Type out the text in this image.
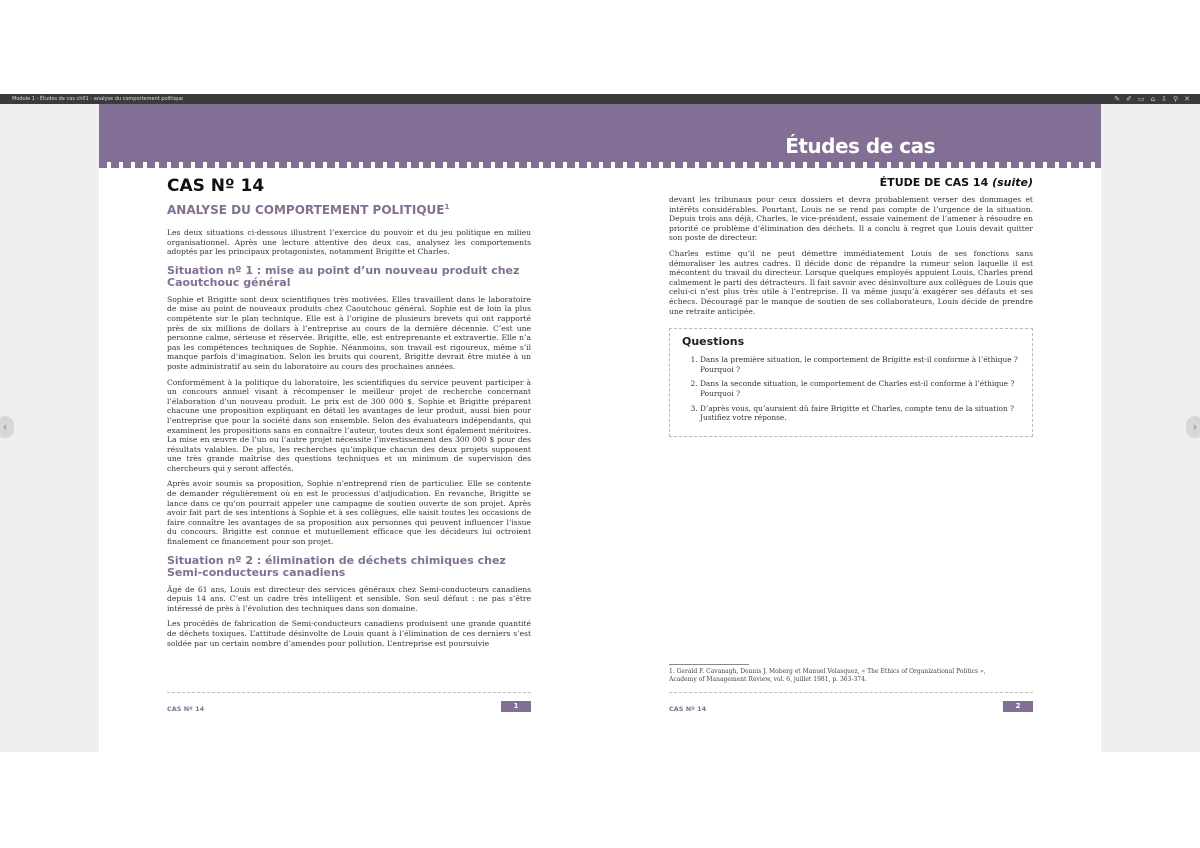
Module 1 - Études de cas ch01 - analyse du comportement politique	✎ ✐ ▭ ⌂ ⇩ ⚲ ✕
‹	›
Études de cas
CAS Nº 14
ANALYSE DU COMPORTEMENT POLITIQUE$^1$

Les deux situations ci-dessous illustrent l’exercice du pouvoir et du jeu politique en milieu organisationnel. Après une lecture attentive des deux cas, analysez les comportements adoptés par les principaux protagonistes, notamment Brigitte et Charles.

Situation nº 1 : mise au point d’un nouveau produit chez Caoutchouc général

Sophie et Brigitte sont deux scientifiques très motivées. Elles travaillent dans le laboratoire de mise au point de nouveaux produits chez Caoutchouc général. Sophie est de loin la plus compétente sur le plan technique. Elle est à l’origine de plusieurs brevets qui ont rapporté près de six millions de dollars à l’entreprise au cours de la dernière décennie. C’est une personne calme, sérieuse et réservée. Brigitte, elle, est entreprenante et extravertie. Elle n’a pas les compétences techniques de Sophie. Néanmoins, son travail est rigoureux, même s’il manque parfois d’imagination. Selon les bruits qui courent, Brigitte devrait être mutée à un poste administratif au sein du laboratoire au cours des prochaines années.

Conformément à la politique du laboratoire, les scientifiques du service peuvent participer à un concours annuel visant à récompenser le meilleur projet de recherche concernant l’élaboration d’un nouveau produit. Le prix est de 300 000 $. Sophie et Brigitte préparent chacune une proposition expliquant en détail les avantages de leur produit, aussi bien pour l’entreprise que pour la société dans son ensemble. Selon des évaluateurs indépendants, qui examinent les propositions sans en connaître l’auteur, toutes deux sont également méritoires. La mise en œuvre de l’un ou l’autre projet nécessite l’investissement des 300 000 $ pour des résultats valables. De plus, les recherches qu’implique chacun des deux projets supposent une très grande maîtrise des questions techniques et un minimum de supervision des chercheurs qui y seront affectés.

Après avoir soumis sa proposition, Sophie n’entreprend rien de particulier. Elle se contente de demander régulièrement où en est le processus d’adjudication. En revanche, Brigitte se lance dans ce qu’on pourrait appeler une campagne de soutien ouverte de son projet. Après avoir fait part de ses intentions à Sophie et à ses collègues, elle saisit toutes les occasions de faire connaître les avantages de sa proposition aux personnes qui peuvent influencer l’issue du concours. Brigitte est connue et mutuellement efficace que les décideurs lui octroient finalement ce financement pour son projet.

Situation nº 2 : élimination de déchets chimiques chez Semi-conducteurs canadiens

Âgé de 61 ans, Louis est directeur des services généraux chez Semi-conducteurs canadiens depuis 14 ans. C’est un cadre très intelligent et sensible. Son seul défaut : ne pas s’être intéressé de près à l’évolution des techniques dans son domaine.

Les procédés de fabrication de Semi-conducteurs canadiens produisent une grande quantité de déchets toxiques. L’attitude désinvolte de Louis quant à l’élimination de ces derniers s’est soldée par un certain nombre d’amendes pour pollution. L’entreprise est poursuivie

ÉTUDE DE CAS 14 (suite)

devant les tribunaux pour ceux dossiers et devra probablement verser des dommages et intérêts considérables. Pourtant, Louis ne se rend pas compte de l’urgence de la situation. Depuis trois ans déjà, Charles, le vice-président, essaie vainement de l’amener à résoudre en priorité ce problème d’élimination des déchets. Il a conclu à regret que Louis devait quitter son poste de directeur.

Charles estime qu’il ne peut démettre immédiatement Louis de ses fonctions sans démoraliser les autres cadres. Il décide donc de répandre la rumeur selon laquelle il est mécontent du travail du directeur. Lorsque quelques employés appuient Louis, Charles prend calmement le parti des détracteurs. Il fait savoir avec désinvolture aux collègues de Louis que celui-ci n’est plus très utile à l’entreprise. Il va même jusqu’à exagérer ses défauts et ses échecs. Découragé par le manque de soutien de ses collaborateurs, Louis décide de prendre une retraite anticipée.

Questions
1. Dans la première situation, le comportement de Brigitte est-il conforme à l’éthique ? Pourquoi ?
2. Dans la seconde situation, le comportement de Charles est-il conforme à l’éthique ? Pourquoi ?
3. D’après vous, qu’auraient dû faire Brigitte et Charles, compte tenu de la situation ? Justifiez votre réponse.
1. Gerald F. Cavanagh, Dennis J. Moberg et Manuel Velasquez, « The Ethics of Organizational Politics », Academy of Management Review, vol. 6, juillet 1981, p. 363-374.
CAS Nº 14	1	CAS Nº 14	2
